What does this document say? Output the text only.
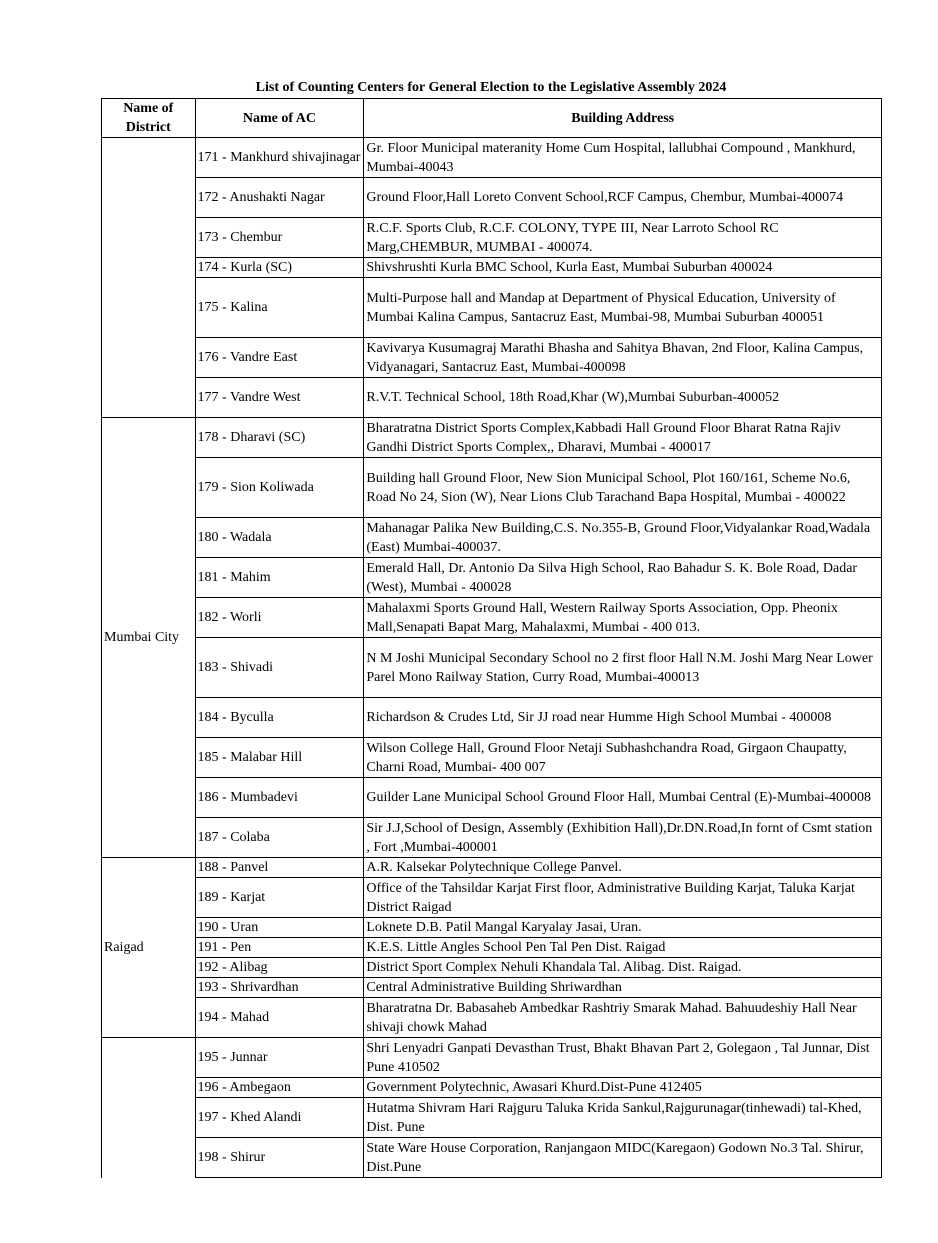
List of Counting Centers for General Election to the Legislative Assembly 2024
Name of District	Name of AC	Building Address
	171 - Mankhurd shivajinagar	Gr. Floor Municipal materanity Home Cum Hospital, lallubhai Compound , Mankhurd, Mumbai-40043
	172 - Anushakti Nagar	Ground Floor,Hall Loreto Convent School,RCF Campus, Chembur, Mumbai-400074
	173 - Chembur	R.C.F. Sports Club, R.C.F. COLONY, TYPE III, Near Larroto School RC Marg,CHEMBUR, MUMBAI - 400074.
	174 - Kurla (SC)	Shivshrushti Kurla BMC School, Kurla East, Mumbai Suburban 400024
	175 - Kalina	Multi-Purpose hall and Mandap at Department of Physical Education, University of Mumbai Kalina Campus, Santacruz East, Mumbai-98, Mumbai Suburban 400051
	176 - Vandre East	Kavivarya Kusumagraj Marathi Bhasha and Sahitya Bhavan, 2nd Floor, Kalina Campus, Vidyanagari, Santacruz East, Mumbai-400098
	177 - Vandre West	R.V.T. Technical School, 18th Road,Khar (W),Mumbai Suburban-400052
Mumbai City	178 - Dharavi (SC)	Bharatratna District Sports Complex,Kabbadi Hall Ground Floor Bharat Ratna Rajiv Gandhi District Sports Complex,, Dharavi, Mumbai - 400017
	179 - Sion Koliwada	Building hall Ground Floor, New Sion Municipal School, Plot 160/161, Scheme No.6, Road No 24, Sion (W), Near Lions Club Tarachand Bapa Hospital, Mumbai - 400022
	180 - Wadala	Mahanagar Palika New Building,C.S. No.355-B, Ground Floor,Vidyalankar Road,Wadala (East) Mumbai-400037.
	181 - Mahim	Emerald Hall, Dr. Antonio Da Silva High School, Rao Bahadur S. K. Bole Road, Dadar (West), Mumbai - 400028
	182 - Worli	Mahalaxmi Sports Ground Hall, Western Railway Sports Association, Opp. Pheonix Mall,Senapati Bapat Marg, Mahalaxmi, Mumbai - 400 013.
	183 - Shivadi	N M Joshi Municipal Secondary School no 2 first floor Hall N.M. Joshi Marg Near Lower Parel Mono Railway Station, Curry Road, Mumbai-400013
	184 - Byculla	Richardson & Crudes Ltd, Sir JJ road near Humme High School Mumbai - 400008
	185 - Malabar Hill	Wilson College Hall, Ground Floor Netaji Subhashchandra Road, Girgaon Chaupatty, Charni Road, Mumbai- 400 007
	186 - Mumbadevi	Guilder Lane Municipal School Ground Floor Hall, Mumbai Central (E)-Mumbai-400008
	187 - Colaba	Sir J.J,School of Design, Assembly (Exhibition Hall),Dr.DN.Road,In fornt of Csmt station , Fort ,Mumbai-400001
Raigad	188 - Panvel	A.R. Kalsekar Polytechnique College Panvel.
	189 - Karjat	Office of the Tahsildar Karjat First floor, Administrative Building Karjat, Taluka Karjat District Raigad
	190 - Uran	Loknete D.B. Patil Mangal Karyalay Jasai, Uran.
	191 - Pen	K.E.S. Little Angles School Pen Tal Pen Dist. Raigad
	192 - Alibag	District Sport Complex Nehuli Khandala Tal. Alibag. Dist. Raigad.
	193 - Shrivardhan	Central Administrative Building Shriwardhan
	194 - Mahad	Bharatratna Dr. Babasaheb Ambedkar Rashtriy Smarak Mahad. Bahuudeshiy Hall Near shivaji chowk Mahad
	195 - Junnar	Shri Lenyadri Ganpati Devasthan Trust, Bhakt Bhavan Part 2, Golegaon , Tal Junnar, Dist Pune 410502
	196 - Ambegaon	Government Polytechnic, Awasari Khurd.Dist-Pune 412405
	197 - Khed Alandi	Hutatma Shivram Hari Rajguru Taluka Krida Sankul,Rajgurunagar(tinhewadi) tal-Khed, Dist. Pune
	198 - Shirur	State Ware House Corporation, Ranjangaon MIDC(Karegaon) Godown No.3 Tal. Shirur, Dist.Pune
